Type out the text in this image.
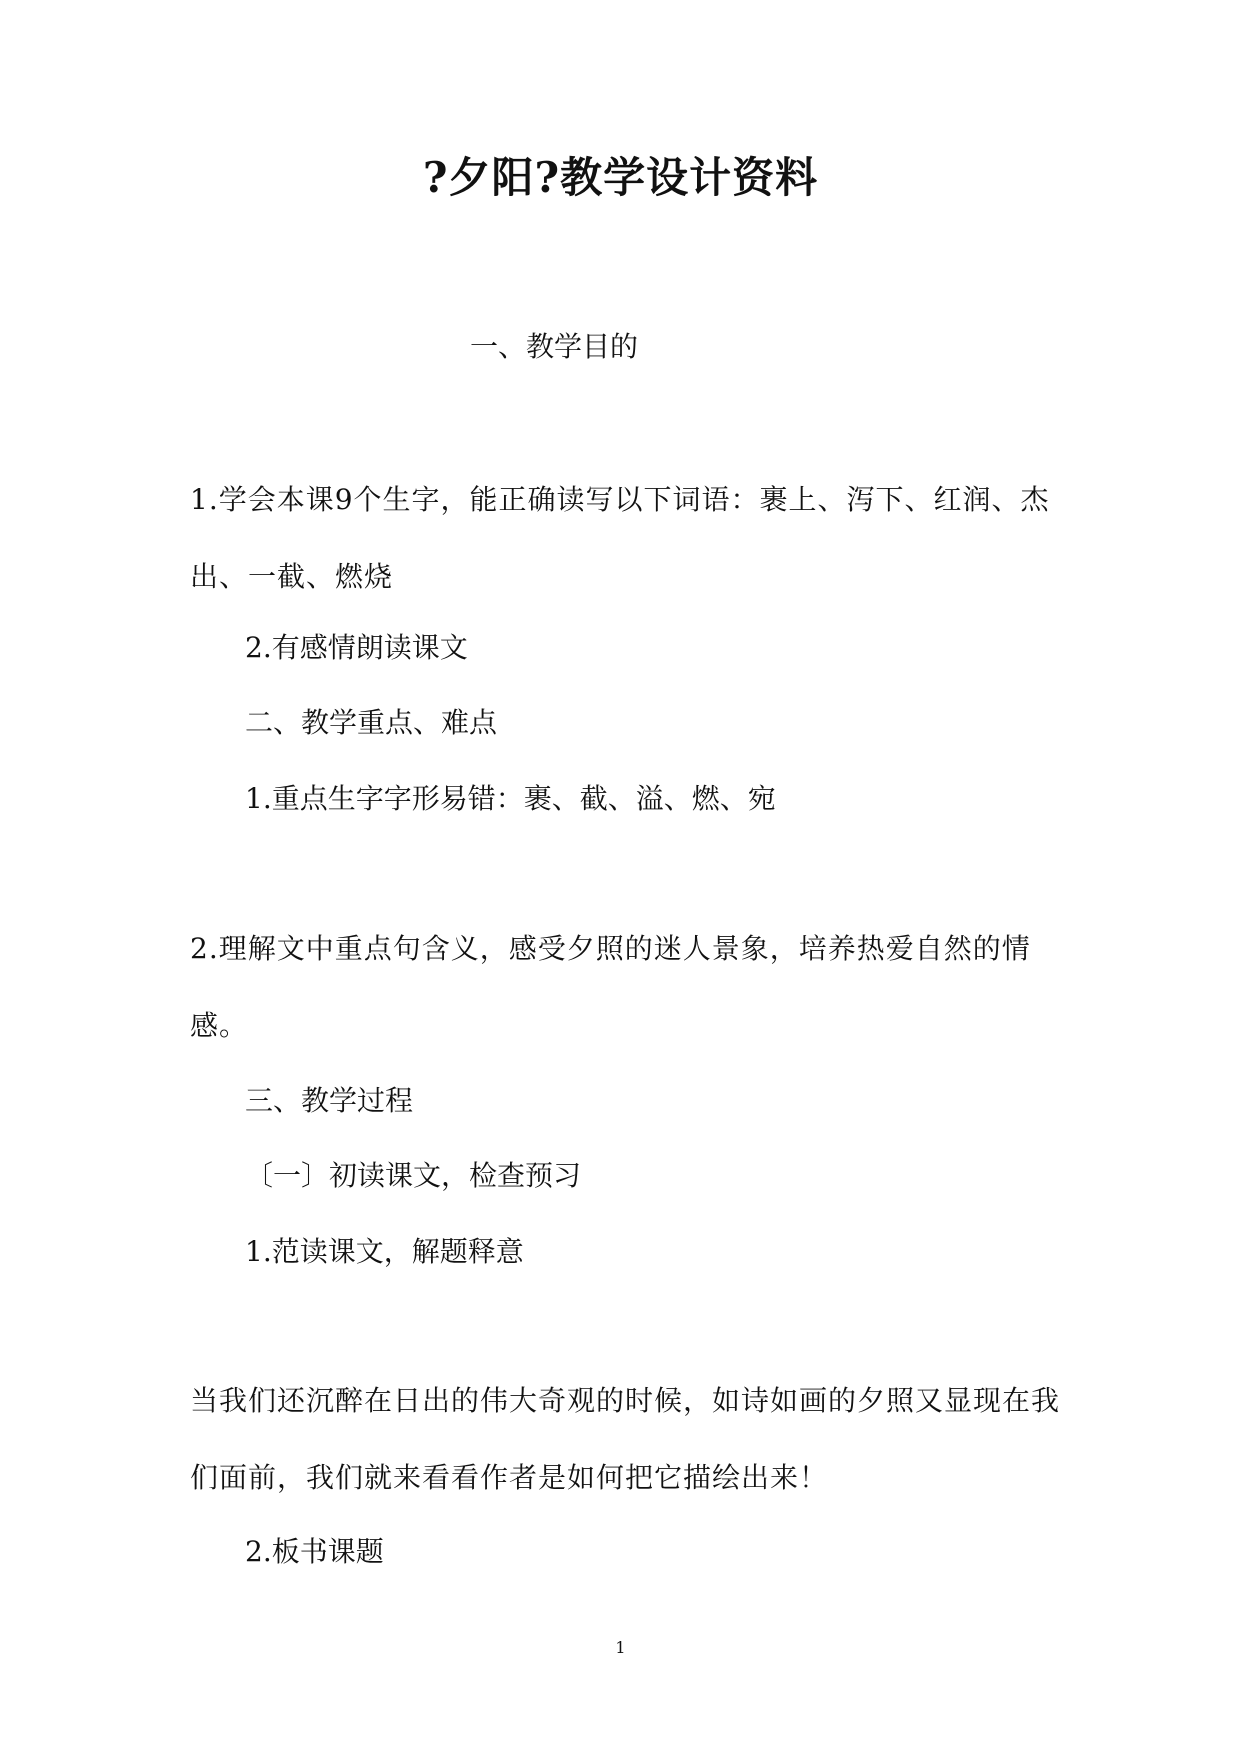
?夕阳?教学设计资料
一、教学目的
1.学会本课9个生字，能正确读写以下词语：裹上、泻下、红润、杰出、一截、燃烧
2.有感情朗读课文
二、教学重点、难点
1.重点生字字形易错：裹、截、溢、燃、宛
2.理解文中重点句含义，感受夕照的迷人景象，培养热爱自然的情感。
三、教学过程
〔一〕初读课文，检查预习
1.范读课文，解题释意
当我们还沉醉在日出的伟大奇观的时候，如诗如画的夕照又显现在我们面前，我们就来看看作者是如何把它描绘出来！
2.板书课题
1
